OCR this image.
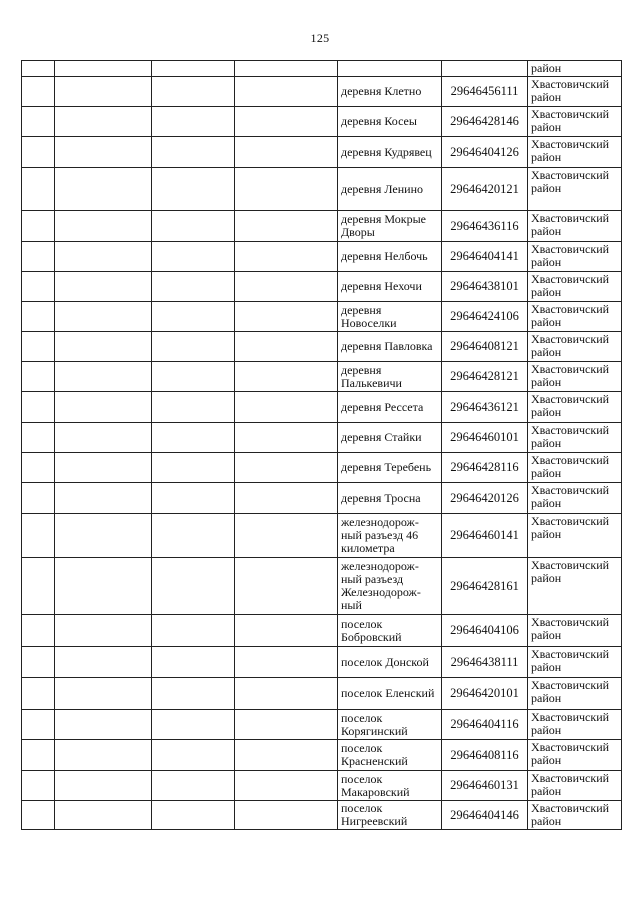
125
						район
				деревня Клетно	29646456111	Хвастовичский район
				деревня Косеы	29646428146	Хвастовичский район
				деревня Кудрявец	29646404126	Хвастовичский район
				деревня Ленино	29646420121	Хвастовичский район
				деревня Мокрые Дворы	29646436116	Хвастовичский район
				деревня Нелбочь	29646404141	Хвастовичский район
				деревня Нехочи	29646438101	Хвастовичский район
				деревня Новоселки	29646424106	Хвастовичский район
				деревня Павловка	29646408121	Хвастовичский район
				деревня Палькевичи	29646428121	Хвастовичский район
				деревня Рессета	29646436121	Хвастовичский район
				деревня Стайки	29646460101	Хвастовичский район
				деревня Теребень	29646428116	Хвастовичский район
				деревня Тросна	29646420126	Хвастовичский район
				железнодорож-ный разъезд 46 километра	29646460141	Хвастовичский район
				железнодорож-ный разъезд Железнодорож-ный	29646428161	Хвастовичский район
				поселок Бобровский	29646404106	Хвастовичский район
				поселок Донской	29646438111	Хвастовичский район
				поселок Еленский	29646420101	Хвастовичский район
				поселок Корягинский	29646404116	Хвастовичский район
				поселок Красненский	29646408116	Хвастовичский район
				поселок Макаровский	29646460131	Хвастовичский район
				поселок Нигреевский	29646404146	Хвастовичский район
